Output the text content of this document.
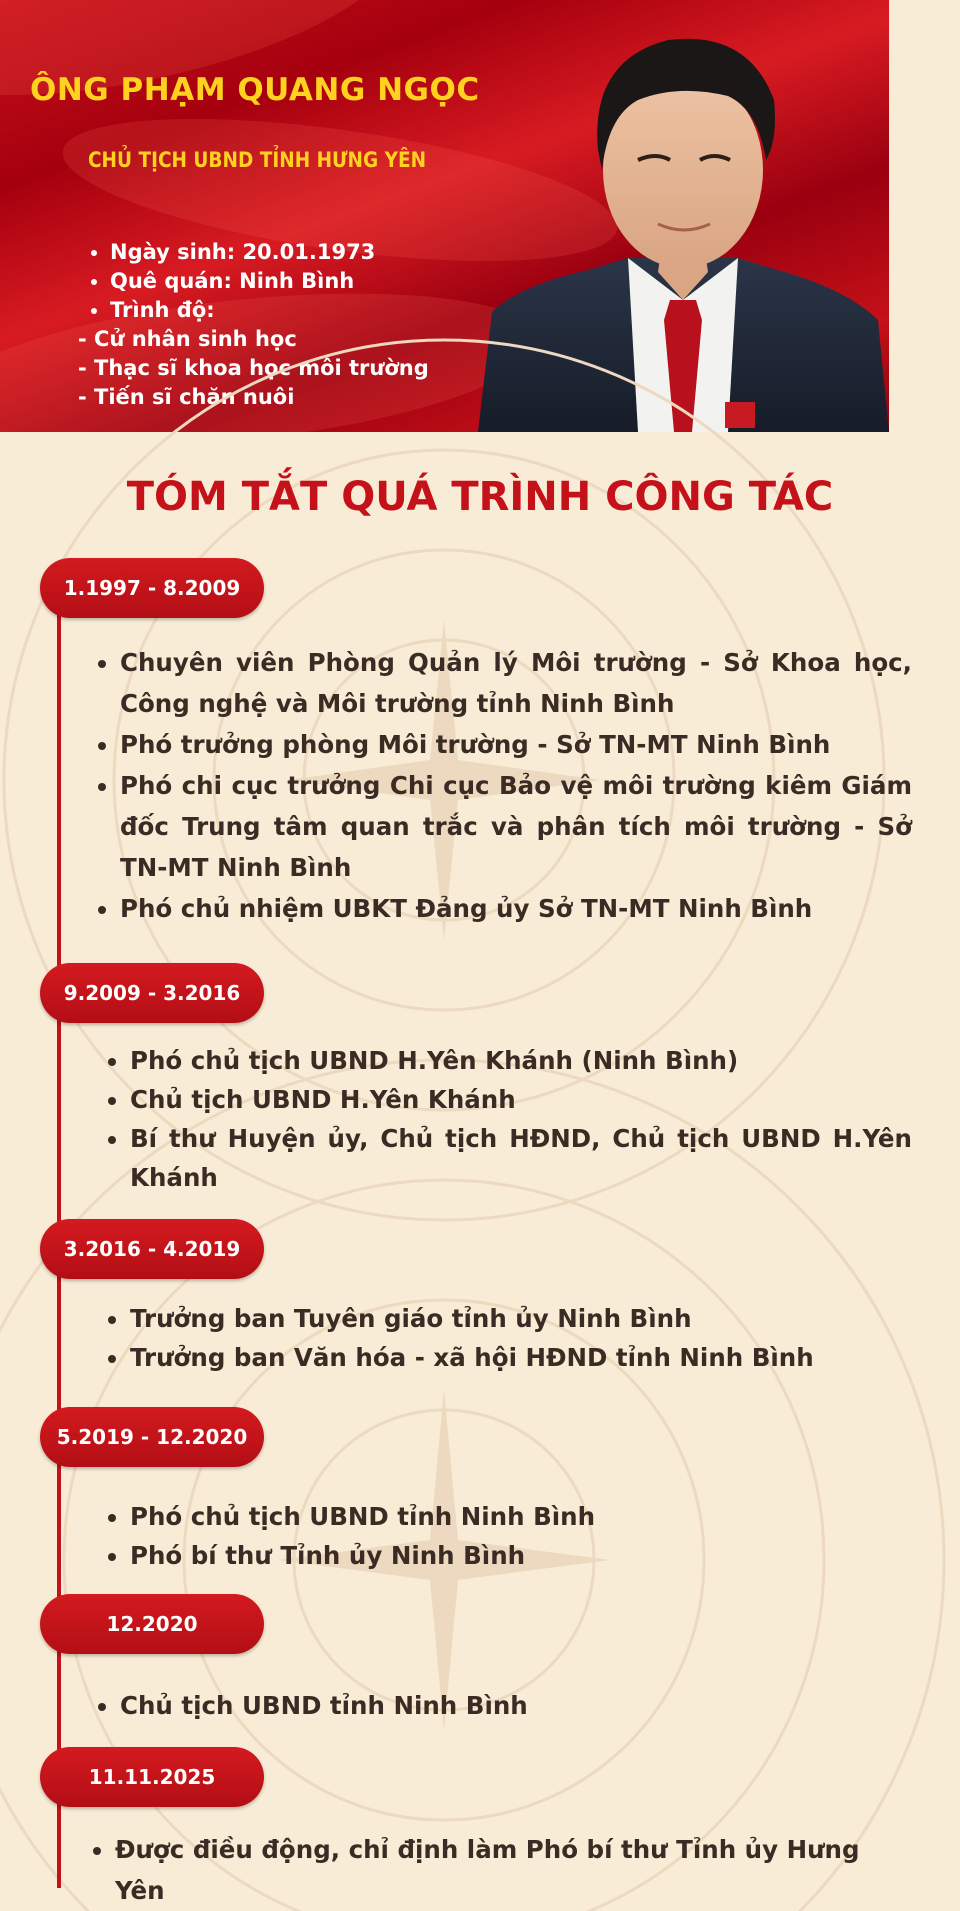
ÔNG PHẠM QUANG NGỌC
CHỦ TỊCH UBND TỈNH HƯNG YÊN
• Ngày sinh: 20.01.1973
• Quê quán: Ninh Bình
• Trình độ:
- Cử nhân sinh học
- Thạc sĩ khoa học môi trường
- Tiến sĩ chăn nuôi
TÓM TẮT QUÁ TRÌNH CÔNG TÁC
1.1997 - 8.2009
• Chuyên viên Phòng Quản lý Môi trường - Sở Khoa học, Công nghệ và Môi trường tỉnh Ninh Bình
• Phó trưởng phòng Môi trường - Sở TN-MT Ninh Bình
• Phó chi cục trưởng Chi cục Bảo vệ môi trường kiêm Giám đốc Trung tâm quan trắc và phân tích môi trường - Sở TN-MT Ninh Bình
• Phó chủ nhiệm UBKT Đảng ủy Sở TN-MT Ninh Bình
9.2009 - 3.2016
• Phó chủ tịch UBND H.Yên Khánh (Ninh Bình)
• Chủ tịch UBND H.Yên Khánh
• Bí thư Huyện ủy, Chủ tịch HĐND, Chủ tịch UBND H.Yên Khánh
3.2016 - 4.2019
• Trưởng ban Tuyên giáo tỉnh ủy Ninh Bình
• Trưởng ban Văn hóa - xã hội HĐND tỉnh Ninh Bình
5.2019 - 12.2020
• Phó chủ tịch UBND tỉnh Ninh Bình
• Phó bí thư Tỉnh ủy Ninh Bình
12.2020
• Chủ tịch UBND tỉnh Ninh Bình
11.11.2025
• Được điều động, chỉ định làm Phó bí thư Tỉnh ủy Hưng Yên
